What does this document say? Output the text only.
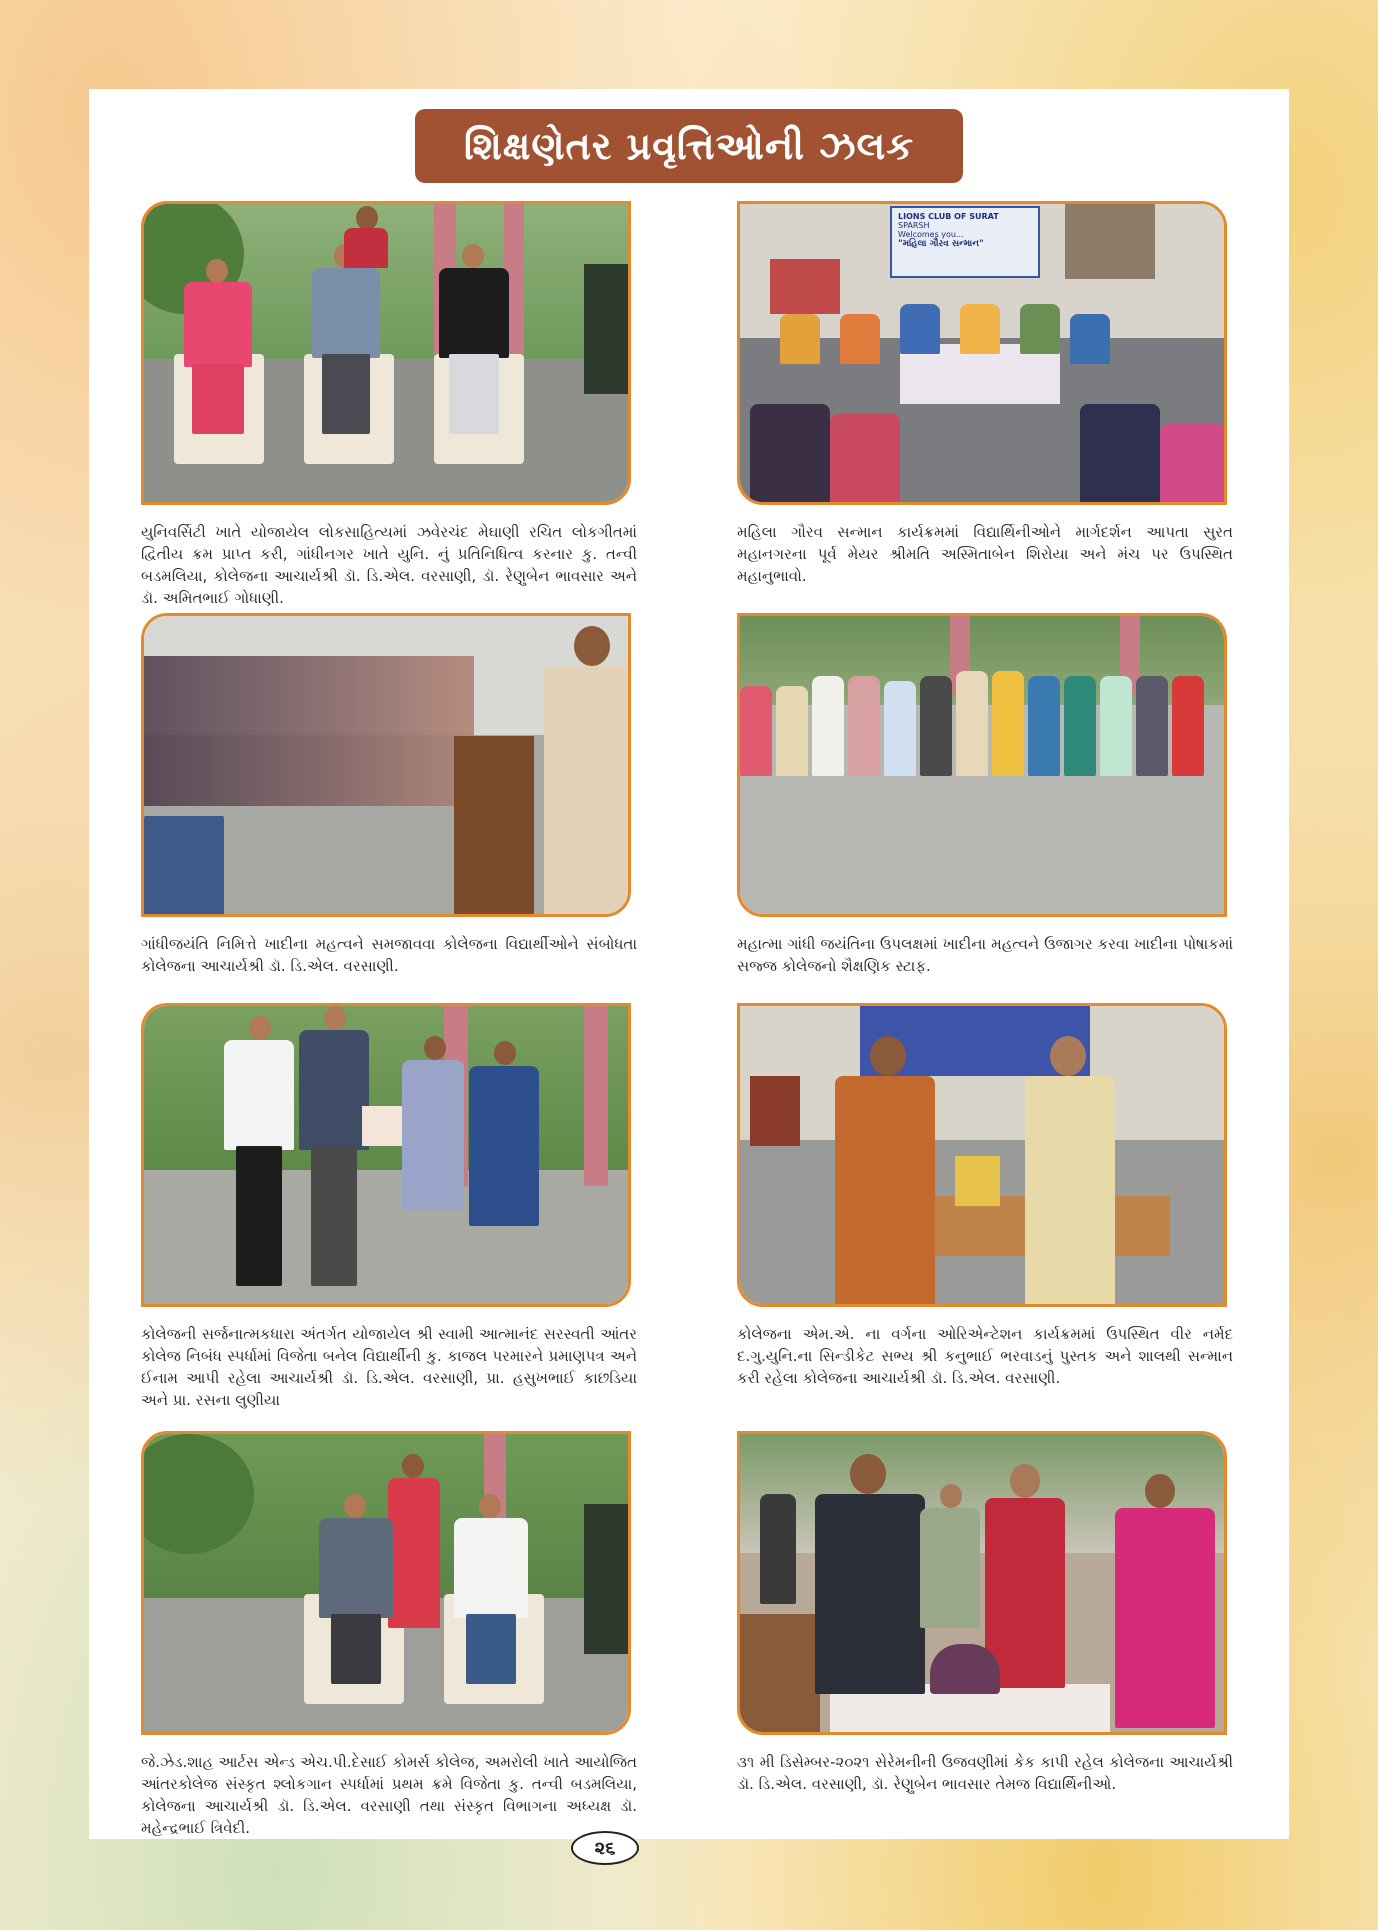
શિક્ષણેતર પ્રવૃત્તિઓની ઝલક

યુનિવર્સિટી ખાતે યોજાયેલ લોકસાહિત્યમાં ઝવેરચંદ મેઘાણી રચિત લોકગીતમાં દ્વિતીય ક્રમ પ્રાપ્ત કરી, ગાંધીનગર ખાતે યુનિ. નું પ્રતિનિધિત્વ કરનાર કુ. તન્વી બડમલિયા, કોલેજના આચાર્યશ્રી ડૉ. ડિ.એલ. વરસાણી, ડૉ. રેણુબેન ભાવસાર અને ડૉ. અમિતભાઈ ગોધાણી.

LIONS CLUB OF SURAT
SPARSH
Welcomes you...
"મહિલા ગૌરવ સન્માન"

મહિલા ગૌરવ સન્માન કાર્યક્રમમાં વિદ્યાર્થિનીઓને માર્ગદર્શન આપતા સુરત મહાનગરના પૂર્વ મેયર શ્રીમતિ અસ્મિતાબેન શિરોયા અને મંચ પર ઉપસ્થિત મહાનુભાવો.

ગાંધીજયંતિ નિમિત્તે ખાદીના મહત્વને સમજાવવા કોલેજના વિદ્યાર્થીઓને સંબોધતા કોલેજના આચાર્યશ્રી ડૉ. ડિ.એલ. વરસાણી.

મહાત્મા ગાંધી જયંતિના ઉપલક્ષમાં ખાદીના મહત્વને ઉજાગર કરવા ખાદીના પોષાકમાં સજ્જ કોલેજનો શૈક્ષણિક સ્ટાફ.

કોલેજની સર્જનાત્મકધારા અંતર્ગત યોજાયેલ શ્રી સ્વામી આત્માનંદ સરસ્વતી આંતર કોલેજ નિબંધ સ્પર્ધામાં વિજેતા બનેલ વિદ્યાર્થીની કુ. કાજલ પરમારને પ્રમાણપત્ર અને ઈનામ આપી રહેલા આચાર્યશ્રી ડૉ. ડિ.એલ. વરસાણી, પ્રા. હસુખભાઈ કાછડિયા અને પ્રા. રસના લુણીયા

કોલેજના એમ.એ. ના વર્ગના ઓરિએન્ટેશન કાર્યક્રમમાં ઉપસ્થિત વીર નર્મદ દ.ગુ.યુનિ.ના સિન્ડીકેટ સભ્ય શ્રી કનુભાઈ ભરવાડનું પુસ્તક અને શાલથી સન્માન કરી રહેલા કોલેજના આચાર્યશ્રી ડૉ. ડિ.એલ. વરસાણી.

જે.ઝેડ.શાહ આર્ટસ એન્ડ એચ.પી.દેસાઈ કોમર્સ કોલેજ, અમરોલી ખાતે આયોજિત આંતરકોલેજ સંસ્કૃત શ્લોકગાન સ્પર્ધામાં પ્રથમ ક્રમે વિજેતા કુ. તન્વી બડમલિયા, કોલેજના આચાર્યશ્રી ડૉ. ડિ.એલ. વરસાણી તથા સંસ્કૃત વિભાગના અધ્યક્ષ ડૉ. મહેન્દ્રભાઈ ત્રિવેદી.

૩૧ મી ડિસેમ્બર-૨૦૨૧ સેરેમનીની ઉજવણીમાં કેક કાપી રહેલ કોલેજના આચાર્યશ્રી ડૉ. ડિ.એલ. વરસાણી, ડૉ. રેણુબેન ભાવસાર તેમજ વિદ્યાર્થિનીઓ.

૨૬
